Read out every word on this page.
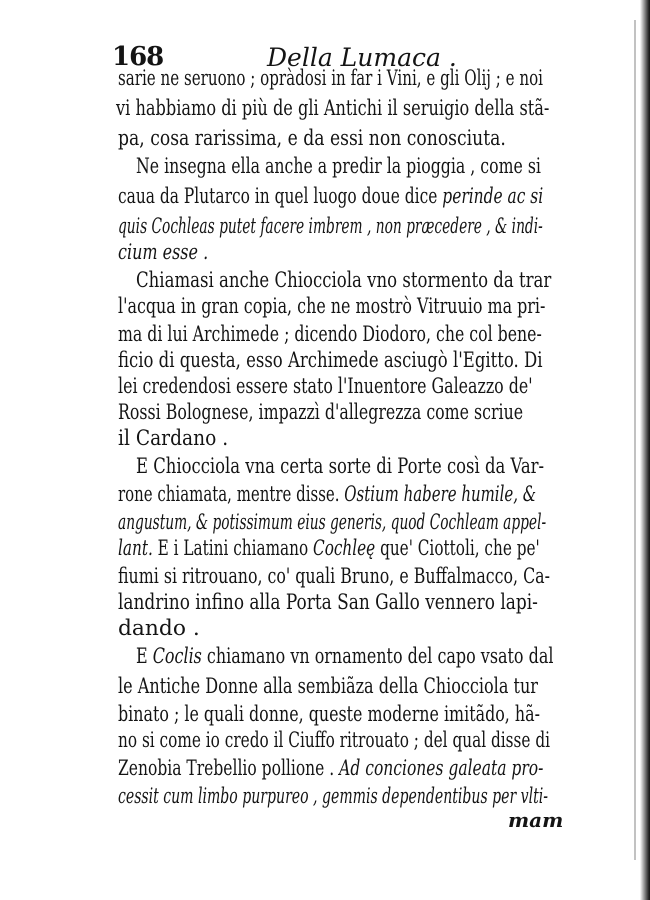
168	Della Lumaca .
sarie ne seruono ; opràdosi in far i Vini, e gli Olij ; e noi
vi habbiamo di più de gli Antichi il seruigio della stã-
pa, cosa rarissima, e da essi non conosciuta.
Ne insegna ella anche a predir la pioggia , come si
caua da Plutarco in quel luogo doue dice perinde ac si
quis Cochleas putet facere imbrem , non præcedere , & indi-
cium esse .
Chiamasi anche Chiocciola vno stormento da trar
l'acqua in gran copia, che ne mostrò Vitruuio ma pri-
ma di lui Archimede ; dicendo Diodoro, che col bene-
ficio di questa, esso Archimede asciugò l'Egitto. Di
lei credendosi essere stato l'Inuentore Galeazzo de'
Rossi Bolognese, impazzì d'allegrezza come scriue
il Cardano .
E Chiocciola vna certa sorte di Porte così da Var-
rone chiamata, mentre disse. Ostium habere humile, &
angustum, & potissimum eius generis, quod Cochleam appel-
lant. E i Latini chiamano Cochleę que' Ciottoli, che pe'
fiumi si ritrouano, co' quali Bruno, e Buffalmacco, Ca-
landrino infino alla Porta San Gallo vennero lapi-
dando .
E Coclis chiamano vn ornamento del capo vsato dal
le Antiche Donne alla sembiãza della Chiocciola tur
binato ; le quali donne, queste moderne imitãdo, hã-
no si come io credo il Ciuffo ritrouato ; del qual disse di
Zenobia Trebellio pollione . Ad conciones galeata pro-
cessit cum limbo purpureo , gemmis dependentibus per vlti-
mam
